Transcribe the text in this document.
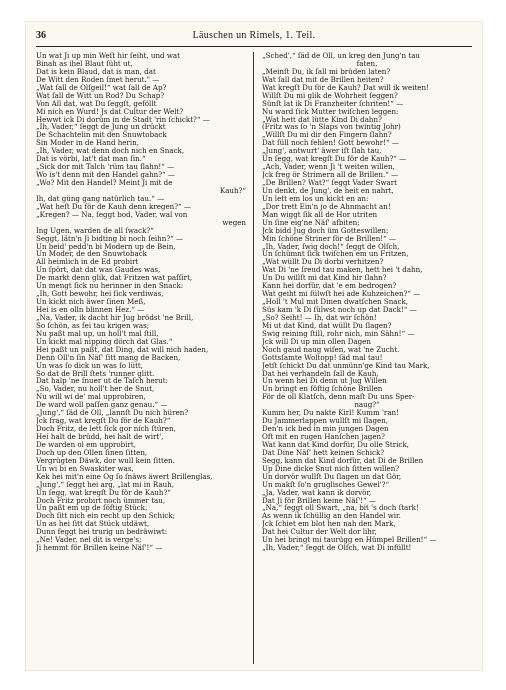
36	Läuschen un Rimels, 1. Teil.
Un wat Ji up min Weſt hir ſeiht, und wat
Binah as ihel Blaut ſüht ut,
Dat is kein Blaud, dat is man, dat
De Witt den Roden ſmet herut." —
„Wat ſall de Olſgeil!“ wat ſall de Ap?
Wat ſall de Witt un Rod? Du Schap?
Von All dat, wat Du ſeggſt, geföllt
Mi nich en Wurd! Js dat Cultur der Welt?
Hewwt ick Di dorüm in de Stadt 'rin ſchickt?“ —
„Ih, Vader,“ ſeggt de Jung un drückt
De Schachtelin mit den Snuwtoback
Sin Moder in de Hand herin,
„Ih, Vader, wat denn doch nich en Snack,
Dat is vörbi, lat't dat man ſin.“
„Sick dor mit Talch 'rüm tau ſlahn!“ —
Wo is't denn mit den Handel gahn?“ —
„Wo? Mit den Handel? Meint Ji mit de
Kauh?“
Ih, dat güng gang natürlich tau.“ —
„Wat heſt Du för de Kauh denn kregen?“ —
„Kregen? — Na, ſeggt bod, Vader, wal von
wegen
Ing Ugen, warden de all ſwack?“
Seggt, lätn'n Ji bidting bi noch ſeihn?“ —
Un beid' pedd'n bi Modern up de Bein,
Un Moder, de den Snuwtoback
All heimlich in de Ed probirt
Un ſpört, dat dat was Gaudes was,
De markt denn glik, dat Fritzen wat paſſirt,
Un mengt ſick nu herinner in den Snack:
„Ih, Gott bewohr, hei ſick verdiwas,
Un kickt nich äwer ſinen Meß,
Hei is en olln blinnen Hez.“ —
„Na, Vader, ik dacht hir Jug brödst 'ne Brill,
So ſchön, as ſei tau krigen was;
Nu paßt mal up, un holl't mal ſtill,
Un kickt mal nipping dörch dat Glas.“
Hei paßt un paßt, dat Ding, dat will nich haden,
Denn Oll'n ſin Näſ' ſitt mang de Backen,
Un was ſo dick un was ſo lütt,
So dat de Brill ſtets 'runner glitt.
Dat halp 'ne ſnuer ut de Taſch herut:
„So, Vader, nu holl't her de Snut,
Nu will wi de' mal upprobiren,
De ward woll paſſen ganz genau.“ —
„Jung',“ ſäd de Oll, „lannſt Du nich hüren?
Jck frag, wat kregſt Du för de Kauh?“
Doch Fritz, de lett ſick gor nich ſtüren,
Hei halt de brüdd, hei halt de wirt',
De warden ol em upprobirt,
Doch up den Ollen ſinen ſitten,
Vergrügten Däwk, dor wull kein ſitten.
Un wi bi en Swaskiter was,
Kek hei mit'n eine Og ſo ſnäws äwert Brillenglas,
„Jung',“ ſeggt hei arg, „lat mi in Rauh,
Un ſegg, wat kregſt Du för de Kauh?“
Doch Fritz probirt noch ümmer tau,
Un paßt em up de ſöftig Stück,
Doch ſitt nich ein recht up den Schick;
Un as hei ſitt dat Stück utdäwt,
Dunn feggt hei trurig un bedräwiwt:
„Ne! Vader, nel dit is verge's;
Ji hemmt för Brillen keine Näſ'!“ —
„Sched',“ ſäd de Oll, un kreg den Jung'n tau
faten,
„Meinſt Du, ik ſall mi brüden laten?
Wat ſall dat mit de Brillen heiten?
Wat kregſt Du för de Kauh? Dat will ik weiten!
Willſt Du mi glik de Wohrheit ſeggen?
Sünſt lat ik Di Franzheiter ſchriten!“ —
Nu ward ſick Mutter twiſchen leggen:
„Wat hett dat lütte Kind Di dahn?
(Fritz was ſo 'n Slaps von twintig Johr)
„Willſt Du mi dir den Fingern ſlahn?
Dat ſüll noch fehlen! Gott bewohr!“ —
„Jung', antwurt' äwer iſt ſlah tau,
Un ſegg, wat kregſt Du för de Kauh?“ —
„Ach, Vader, wenn Ji 't weiten willen,
Jck freg ör Strimern all de Brillen.“ —
„De Brillen? Wat?“ ſeggt Vader Swart
Un denkt, de Jung', de heit en nahrt,
Un lett em los un kickt en an:
„Dor trett Ein'n jo de Ahnmacht an!
Man wiggt ſik all de Hor utriten
Un ſine eig'ne Näſ' afbiten;
Jck bidd Jug doch üm Gotteswillen;
Min ſchöne Striner för de Brillen!“ —
„Ih, Vader, ſwig doch!“ ſeggt de Olſch,
Un ſchümnt ſick twiſchen em un Fritzen,
„Wat wüllt Du Di dorbi verhitzen?
Wat Di 'ne ſreud tau maken, hett hei 't dahn,
Un Du willſt mi dat Kind hir ſlahn?
Kann hei dorfür, dat 'e em bedrogen?
Wat geiht mi ſülwſt hei ade Kuhzeichen?“ —
„Holl 't Mul mit Dinen dwatſchen Snack,
Süs kam 'k Di ſülwst noch up dat Dack!“ —
„So? Seiht! — Ih, dat wir ſchön!
Mi ut dat Kind, dat wüllt Du ſlagen?
Swig reining ſtill, rohr nich, min Sähn!“ —
Jck will Di up min ollen Dagen
Noch gaud naug wiſen, wat 'ne Zucht.
Gottsſamte Woltopp! ſäd mal tau!
Jetſt ſchickt Du dat unmünn'ge Kind tau Mark,
Dat hei verhandeln ſall de Kauh,
Un wenn hei Di denn ut Jug Willen
Un bringt en föftig ſchöne Brillen
För de oll Klatſch, denn maſt Du uns Sper-
naug?“
Kumm her, Du nakte Kirl! Kumm 'ran!
Du Jammerlappen wullſt mi ſlagen,
Den'n ick bed in min jungen Dagen
Oft mit en rugen Hanſchen jagen?
Wat kann dat Kind dorfür, Du olle Strick,
Dat Dine Näſ' hett keinen Schick?
Segg, kann dat Kind dorfür, dat Di de Brillen
Up Dine dicke Snut nich ſitten willen?
Un dorvör wullſt Du ſlagen un dat Gör,
Un makſt ſo'n gruglisches Gewel'?“
„Ja, Vader, wat kann ik dorvör,
Dat Ji för Brillen keine Näſ'!“ —
„Na,“ ſeggt oll Swart, „na, bit 's doch ſtark!
As wenn ik ſchüllig an den Handel wir.
Jck ſchiet em blot hen nah den Mark,
Dat hei Cultur der Welt dor lihr,
Un hei bringt mi taurügg en Hümpel Brillen!“ —
„Ih, Vader,“ ſeggt de Olſch, wat Di infüllt!
